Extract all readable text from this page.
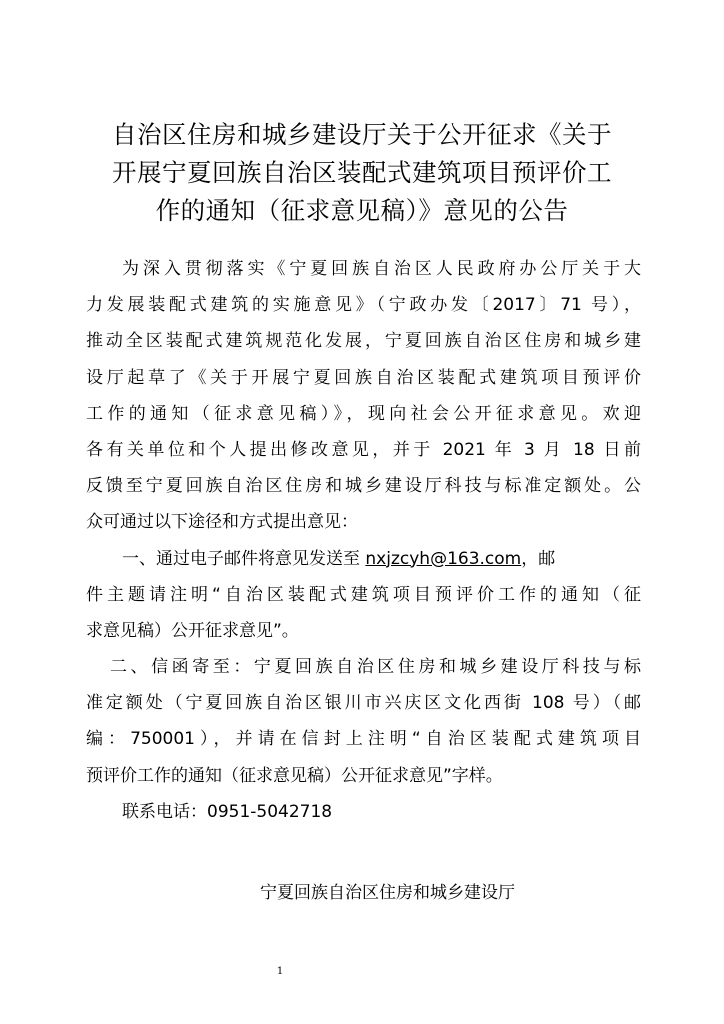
自治区住房和城乡建设厅关于公开征求《关于
开展宁夏回族自治区装配式建筑项目预评价工
作的通知（征求意见稿）》意见的公告
为深入贯彻落实《宁夏回族自治区人民政府办公厅关于大
力发展装配式建筑的实施意见》（宁政办发〔2017〕71 号），
推动全区装配式建筑规范化发展，宁夏回族自治区住房和城乡建
设厅起草了《关于开展宁夏回族自治区装配式建筑项目预评价
工作的通知（征求意见稿）》，现向社会公开征求意见。欢迎
各有关单位和个人提出修改意见，并于 2021 年 3 月 18 日前
反馈至宁夏回族自治区住房和城乡建设厅科技与标准定额处。公
众可通过以下途径和方式提出意见：
一、通过电子邮件将意见发送至 nxjzcyh@163.com，邮
件主题请注明“自治区装配式建筑项目预评价工作的通知（征
求意见稿）公开征求意见”。
二、信函寄至：宁夏回族自治区住房和城乡建设厅科技与标
准定额处（宁夏回族自治区银川市兴庆区文化西街 108 号）（邮
编：750001），并请在信封上注明“自治区装配式建筑项目
预评价工作的通知（征求意见稿）公开征求意见”字样。
联系电话：0951-5042718
宁夏回族自治区住房和城乡建设厅
1
